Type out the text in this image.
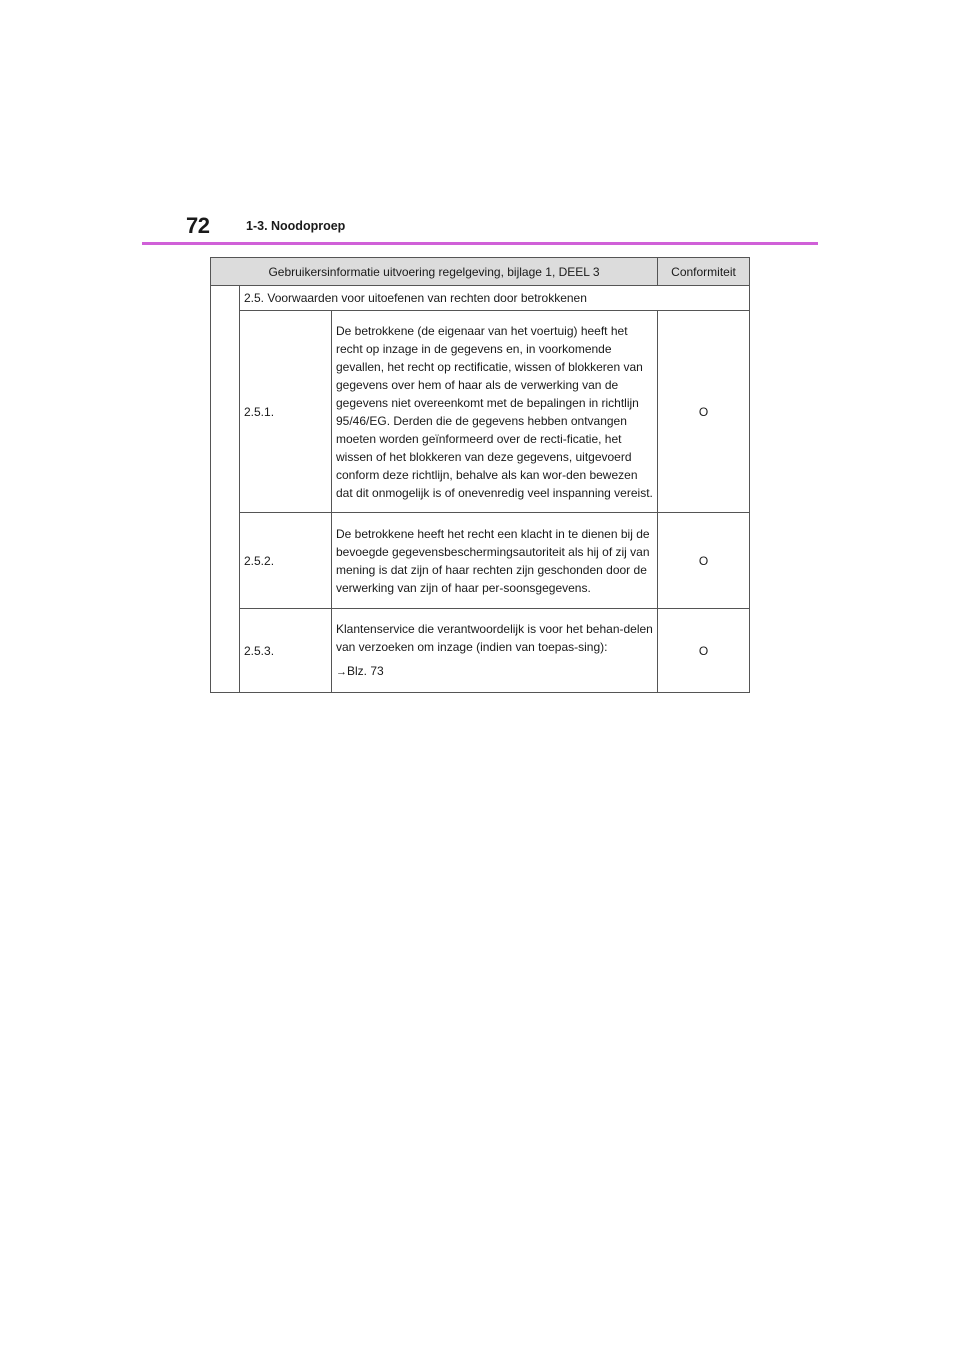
72	1-3. Noodoproep
Gebruikersinformatie uitvoering regelgeving, bijlage 1, DEEL 3			Conformiteit
	2.5. Voorwaarden voor uitoefenen van rechten door betrokkenen		
	2.5.1.	De betrokkene (de eigenaar van het voertuig) heeft het recht op inzage in de gegevens en, in voorkomende gevallen, het recht op rectificatie, wissen of blokkeren van gegevens over hem of haar als de verwerking van de gegevens niet overeenkomt met de bepalingen in richtlijn 95/46/EG. Derden die de gegevens hebben ontvangen moeten worden geïnformeerd over de recti-ficatie, het wissen of het blokkeren van deze gegevens, uitgevoerd conform deze richtlijn, behalve als kan wor-den bewezen dat dit onmogelijk is of onevenredig veel inspanning vereist.	O
	2.5.2.	De betrokkene heeft het recht een klacht in te dienen bij de bevoegde gegevensbeschermingsautoriteit als hij of zij van mening is dat zijn of haar rechten zijn geschonden door de verwerking van zijn of haar per-soonsgegevens.	O
	2.5.3.	Klantenservice die verantwoordelijk is voor het behan-delen van verzoeken om inzage (indien van toepas-sing):

→Blz. 73	O
